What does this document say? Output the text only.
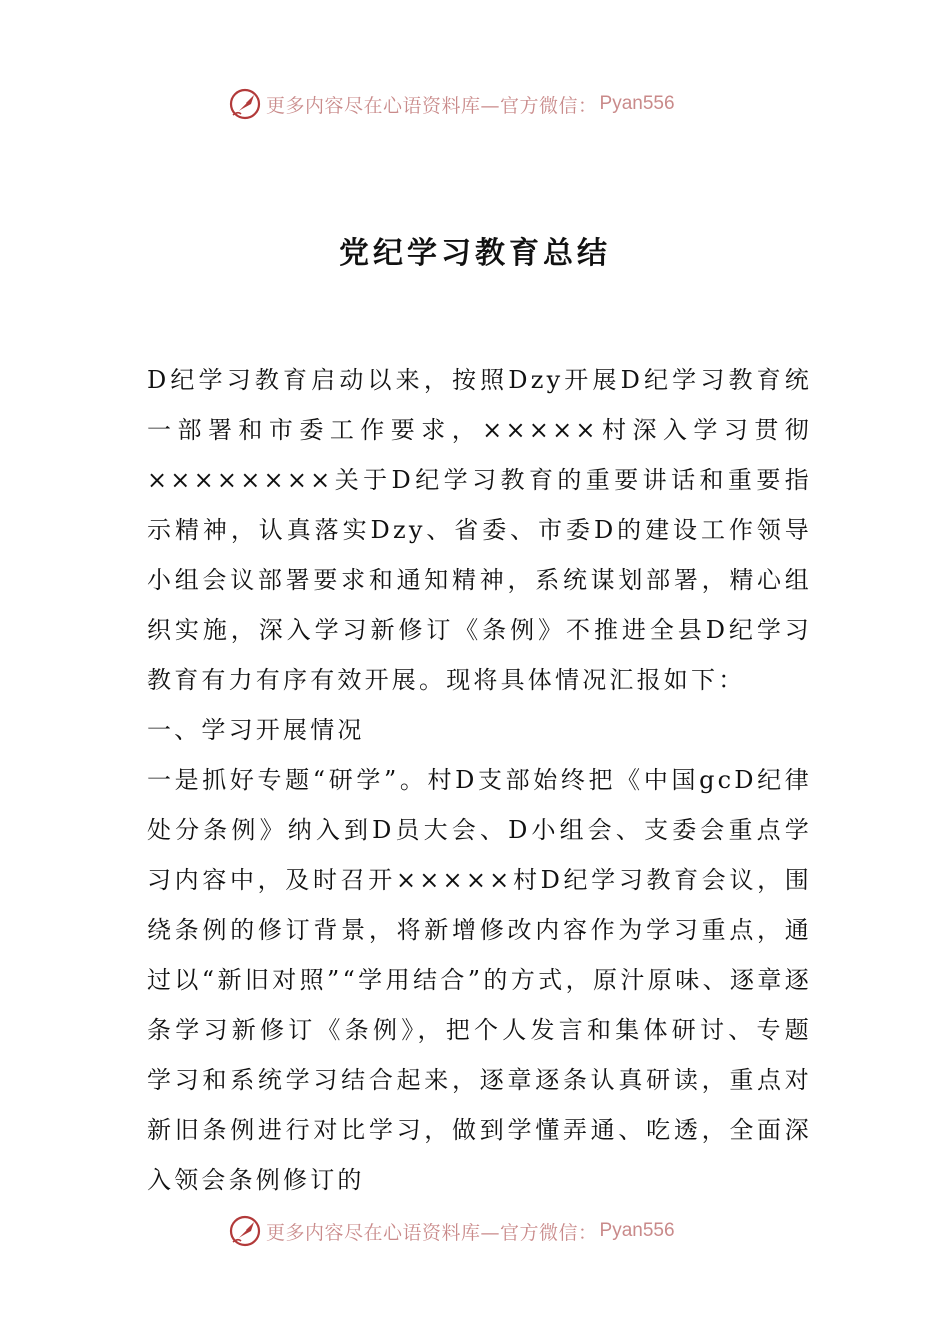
更多内容尽在心语资料库—官方微信： Pyan556
党纪学习教育总结

D纪学习教育启动以来，按照Dzy开展D纪学习教育统一部署和市委工作要求，×××××村深入学习贯彻××××××××关于D纪学习教育的重要讲话和重要指示精神，认真落实Dzy、省委、市委D的建设工作领导小组会议部署要求和通知精神，系统谋划部署，精心组织实施，深入学习新修订《条例》不推进全县D纪学习教育有力有序有效开展。现将具体情况汇报如下：

一、学习开展情况

一是抓好专题“研学”。村D支部始终把《中国gcD纪律处分条例》纳入到D员大会、D小组会、支委会重点学习内容中，及时召开×××××村D纪学习教育会议，围绕条例的修订背景，将新增修改内容作为学习重点，通过以“新旧对照”“学用结合”的方式，原汁原味、逐章逐条学习新修订《条例》，把个人发言和集体研讨、专题学习和系统学习结合起来，逐章逐条认真研读，重点对新旧条例进行对比学习，做到学懂弄通、吃透，全面深入领会条例修订的

更多内容尽在心语资料库—官方微信： Pyan556
